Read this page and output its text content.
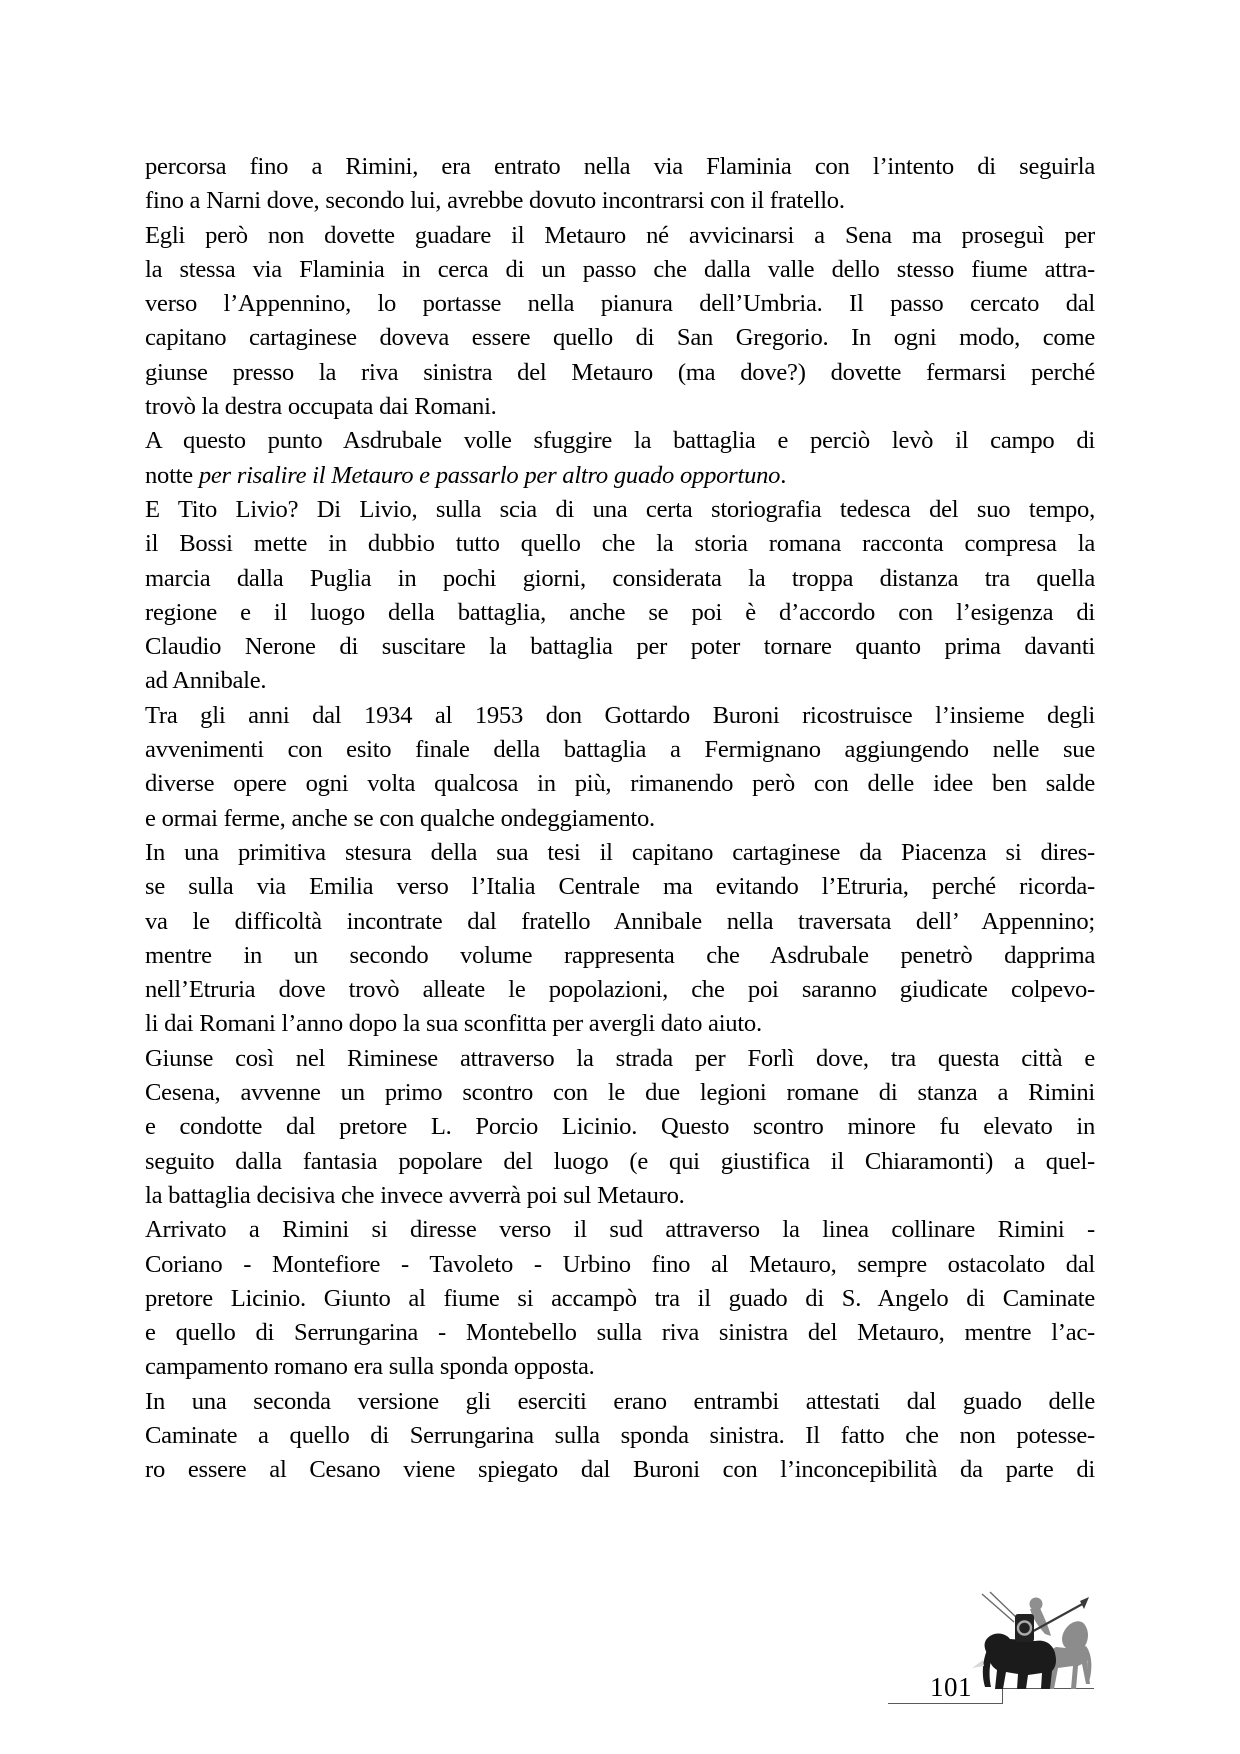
percorsa fino a Rimini, era entrato nella via Flaminia con l’intento di seguirla
fino a Narni dove, secondo lui, avrebbe dovuto incontrarsi con il fratello.
Egli però non dovette guadare il Metauro né avvicinarsi a Sena ma proseguì per
la stessa via Flaminia in cerca di un passo che dalla valle dello stesso fiume attra-
verso l’Appennino, lo portasse nella pianura dell’Umbria. Il passo cercato dal
capitano cartaginese doveva essere quello di San Gregorio. In ogni modo, come
giunse presso la riva sinistra del Metauro (ma dove?) dovette fermarsi perché
trovò la destra occupata dai Romani.
A questo punto Asdrubale volle sfuggire la battaglia e perciò levò il campo di
notte per risalire il Metauro e passarlo per altro guado opportuno.
E Tito Livio? Di Livio, sulla scia di una certa storiografia tedesca del suo tempo,
il Bossi mette in dubbio tutto quello che la storia romana racconta compresa la
marcia dalla Puglia in pochi giorni, considerata la troppa distanza tra quella
regione e il luogo della battaglia, anche se poi è d’accordo con l’esigenza di
Claudio Nerone di suscitare la battaglia per poter tornare quanto prima davanti
ad Annibale.
Tra gli anni dal 1934 al 1953 don Gottardo Buroni ricostruisce l’insieme degli
avvenimenti con esito finale della battaglia a Fermignano aggiungendo nelle sue
diverse opere ogni volta qualcosa in più, rimanendo però con delle idee ben salde
e ormai ferme, anche se con qualche ondeggiamento.
In una primitiva stesura della sua tesi il capitano cartaginese da Piacenza si dires-
se sulla via Emilia verso l’Italia Centrale ma evitando l’Etruria, perché ricorda-
va le difficoltà incontrate dal fratello Annibale nella traversata dell’ Appennino;
mentre in un secondo volume rappresenta che Asdrubale penetrò dapprima
nell’Etruria dove trovò alleate le popolazioni, che poi saranno giudicate colpevo-
li dai Romani l’anno dopo la sua sconfitta per avergli dato aiuto.
Giunse così nel Riminese attraverso la strada per Forlì dove, tra questa città e
Cesena, avvenne un primo scontro con le due legioni romane di stanza a Rimini
e condotte dal pretore L. Porcio Licinio. Questo scontro minore fu elevato in
seguito dalla fantasia popolare del luogo (e qui giustifica il Chiaramonti) a quel-
la battaglia decisiva che invece avverrà poi sul Metauro.
Arrivato a Rimini si diresse verso il sud attraverso la linea collinare Rimini -
Coriano - Montefiore - Tavoleto - Urbino fino al Metauro, sempre ostacolato dal
pretore Licinio. Giunto al fiume si accampò tra il guado di S. Angelo di Caminate
e quello di Serrungarina - Montebello sulla riva sinistra del Metauro, mentre l’ac-
campamento romano era sulla sponda opposta.
In una seconda versione gli eserciti erano entrambi attestati dal guado delle
Caminate a quello di Serrungarina sulla sponda sinistra. Il fatto che non potesse-
ro essere al Cesano viene spiegato dal Buroni con l’inconcepibilità da parte di
101
